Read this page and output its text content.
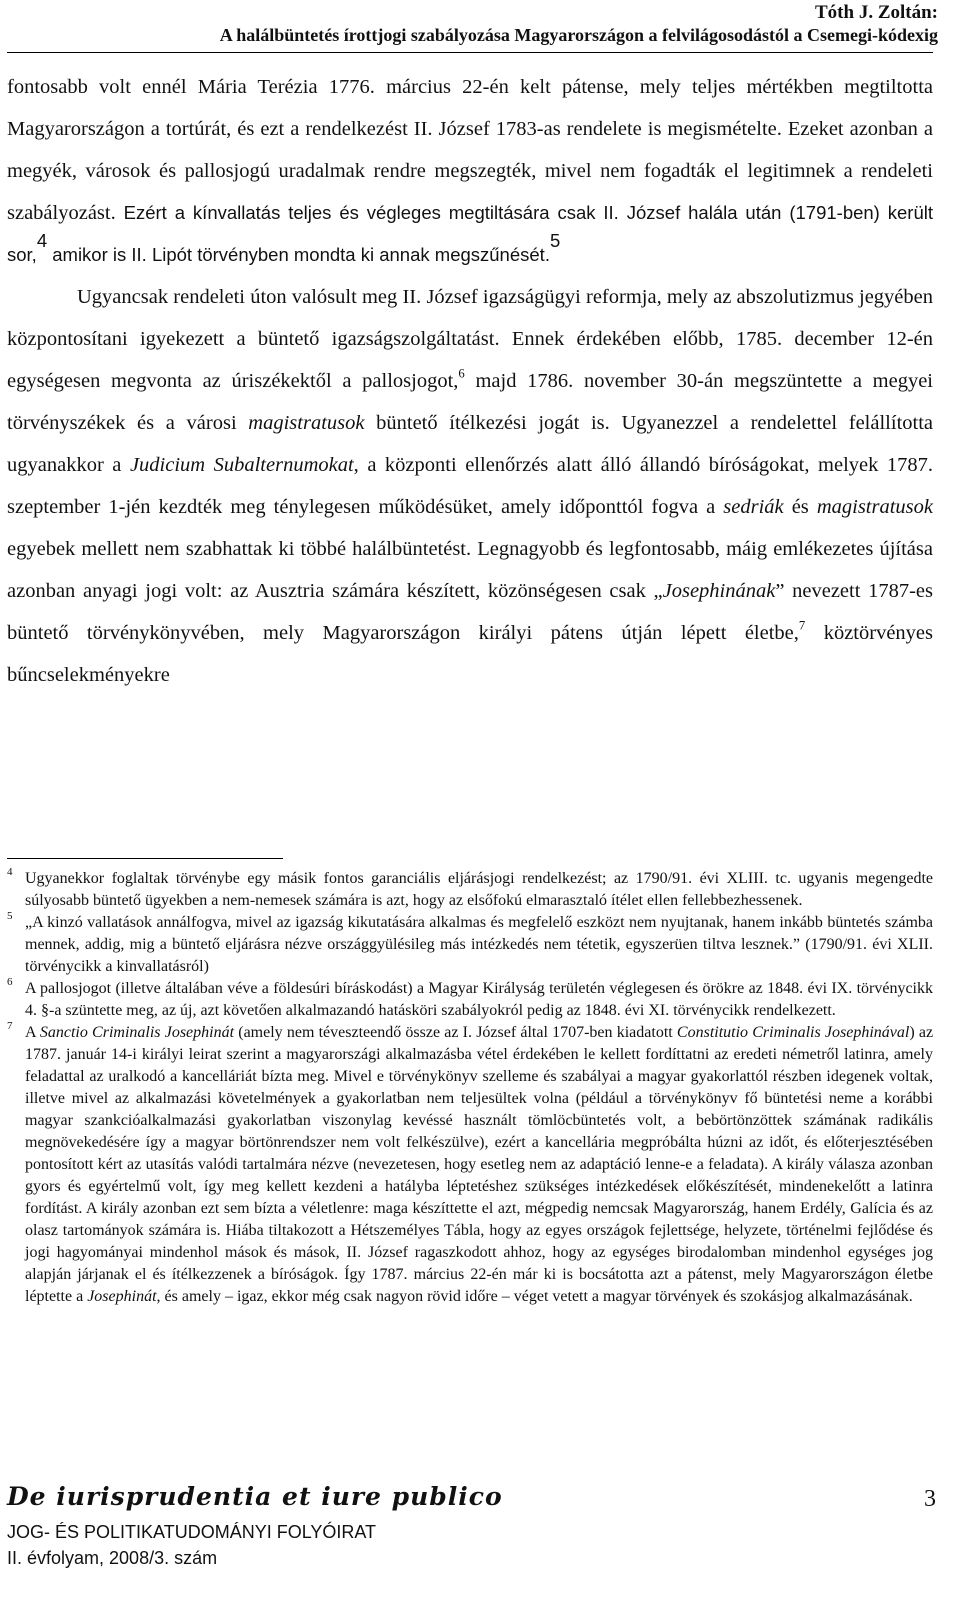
Tóth J. Zoltán:
A halálbüntetés írottjogi szabályozása Magyarországon a felvilágosodástól a Csemegi-kódexig

fontosabb volt ennél Mária Terézia 1776. március 22-én kelt pátense, mely teljes mértékben megtiltotta Magyarországon a tortúrát, és ezt a rendelkezést II. József 1783-as rendelete is megismételte. Ezeket azonban a megyék, városok és pallosjogú uradalmak rendre megszegték, mivel nem fogadták el legitimnek a rendeleti szabályozást. Ezért a kínvallatás teljes és végleges megtiltására csak II. József halála után (1791-ben) került sor,$^4$ amikor is II. Lipót törvényben mondta ki annak megszűnését.$^5$

Ugyancsak rendeleti úton valósult meg II. József igazságügyi reformja, mely az abszolutizmus jegyében központosítani igyekezett a büntető igazságszolgáltatást. Ennek érdekében előbb, 1785. december 12-én egységesen megvonta az úriszékektől a pallosjogot,$^6$ majd 1786. november 30-án megszüntette a megyei törvényszékek és a városi magistratusok büntető ítélkezési jogát is. Ugyanezzel a rendelettel felállította ugyanakkor a Judicium Subalternumokat, a központi ellenőrzés alatt álló állandó bíróságokat, melyek 1787. szeptember 1-jén kezdték meg ténylegesen működésüket, amely időponttól fogva a sedriák és magistratusok egyebek mellett nem szabhattak ki többé halálbüntetést. Legnagyobb és legfontosabb, máig emlékezetes újítása azonban anyagi jogi volt: az Ausztria számára készített, közönségesen csak „Josephinának” nevezett 1787-es büntető törvénykönyvében, mely Magyarországon királyi pátens útján lépett életbe,$^7$ köztörvényes bűncselekményekre

$^4$ Ugyanekkor foglaltak törvénybe egy másik fontos garanciális eljárásjogi rendelkezést; az 1790/91. évi XLIII. tc. ugyanis megengedte súlyosabb büntető ügyekben a nem-nemesek számára is azt, hogy az elsőfokú elmarasztaló ítélet ellen fellebbezhessenek.

$^5$ „A kinzó vallatások annálfogva, mivel az igazság kikutatására alkalmas és megfelelő eszközt nem nyujtanak, hanem inkább büntetés számba mennek, addig, mig a büntető eljárásra nézve országgyülésileg más intézkedés nem tétetik, egyszerüen tiltva lesznek.” (1790/91. évi XLII. törvénycikk a kinvallatásról)

$^6$ A pallosjogot (illetve általában véve a földesúri bíráskodást) a Magyar Királyság területén véglegesen és örökre az 1848. évi IX. törvénycikk 4. §-a szüntette meg, az új, azt követően alkalmazandó hatásköri szabályokról pedig az 1848. évi XI. törvénycikk rendelkezett.

$^7$ A Sanctio Criminalis Josephinát (amely nem téveszteendő össze az I. József által 1707-ben kiadatott Constitutio Criminalis Josephinával) az 1787. január 14-i királyi leirat szerint a magyarországi alkalmazásba vétel érdekében le kellett fordíttatni az eredeti németről latinra, amely feladattal az uralkodó a kancelláriát bízta meg. Mivel e törvénykönyv szelleme és szabályai a magyar gyakorlattól részben idegenek voltak, illetve mivel az alkalmazási követelmények a gyakorlatban nem teljesültek volna (például a törvénykönyv fő büntetési neme a korábbi magyar szankcióalkalmazási gyakorlatban viszonylag kevéssé használt tömlöcbüntetés volt, a bebörtönzöttek számának radikális megnövekedésére így a magyar börtönrendszer nem volt felkészülve), ezért a kancellária megpróbálta húzni az időt, és előterjesztésében pontosított kért az utasítás valódi tartalmára nézve (nevezetesen, hogy esetleg nem az adaptáció lenne-e a feladata). A király válasza azonban gyors és egyértelmű volt, így meg kellett kezdeni a hatályba léptetéshez szükséges intézkedések előkészítését, mindenekelőtt a latinra fordítást. A király azonban ezt sem bízta a véletlenre: maga készíttette el azt, mégpedig nemcsak Magyarország, hanem Erdély, Galícia és az olasz tartományok számára is. Hiába tiltakozott a Hétszemélyes Tábla, hogy az egyes országok fejlettsége, helyzete, történelmi fejlődése és jogi hagyományai mindenhol mások és mások, II. József ragaszkodott ahhoz, hogy az egységes birodalomban mindenhol egységes jog alapján járjanak el és ítélkezzenek a bíróságok. Így 1787. március 22-én már ki is bocsátotta azt a pátenst, mely Magyarországon életbe léptette a Josephinát, és amely – igaz, ekkor még csak nagyon rövid időre – véget vetett a magyar törvények és szokásjog alkalmazásának.

De iurisprudentia et iure publico
JOG- ÉS POLITIKATUDOMÁNYI FOLYÓIRAT
II. évfolyam, 2008/3. szám
3
